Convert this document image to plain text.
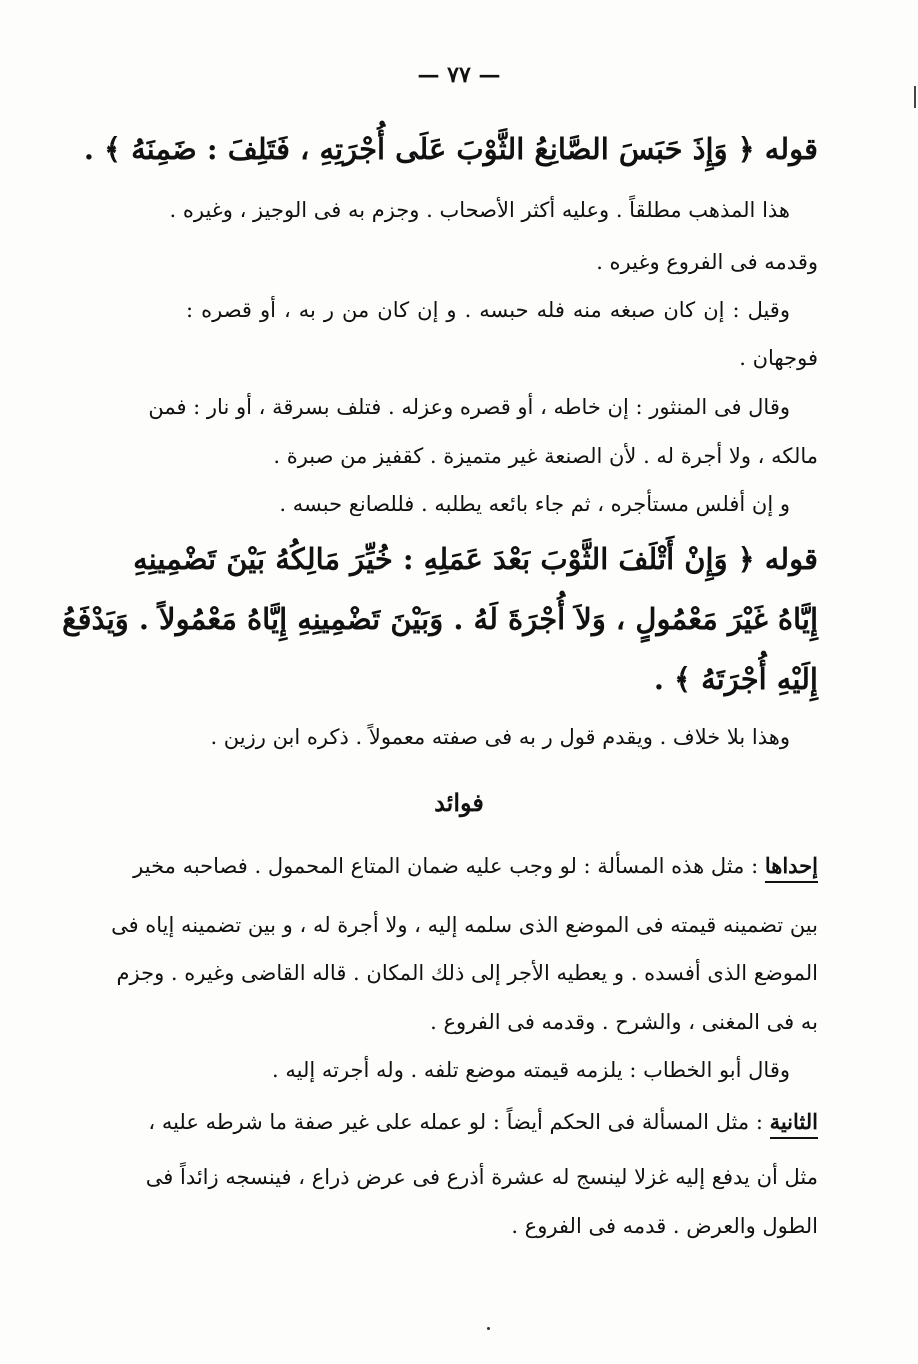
— ٧٧ —
قوله ﴿ وَإِذَ حَبَسَ الصَّانِعُ الثَّوْبَ عَلَى أُجْرَتِهِ ، فَتَلِفَ : ضَمِنَهُ ﴾ .
هذا المذهب مطلقاً . وعليه أكثر الأصحاب . وجزم به فى الوجيز ، وغيره .
وقدمه فى الفروع وغيره .
وقيل : إن كان صبغه منه فله حبسه . و إن كان من ر به ، أو قصره :
فوجهان .
وقال فى المنثور : إن خاطه ، أو قصره وعزله . فتلف بسرقة ، أو نار : فمن
مالكه ، ولا أجرة له . لأن الصنعة غير متميزة . كقفيز من صبرة .
و إن أفلس مستأجره ، ثم جاء بائعه يطلبه . فللصانع حبسه .
قوله ﴿ وَإِنْ أَتْلَفَ الثَّوْبَ بَعْدَ عَمَلِهِ : خُيِّرَ مَالِكُهُ بَيْنَ تَضْمِينِهِ
إِيَّاهُ غَيْرَ مَعْمُولٍ ، وَلاَ أُجْرَةَ لَهُ . وَبَيْنَ تَضْمِينِهِ إِيَّاهُ مَعْمُولاً . وَيَدْفَعُ
إِلَيْهِ أُجْرَتَهُ ﴾ .
وهذا بلا خلاف . ويقدم قول ر به فى صفته معمولاً . ذكره ابن رزين .
فوائد
إحداها : مثل هذه المسألة : لو وجب عليه ضمان المتاع المحمول . فصاحبه مخير
بين تضمينه قيمته فى الموضع الذى سلمه إليه ، ولا أجرة له ، و بين تضمينه إياه فى
الموضع الذى أفسده . و يعطيه الأجر إلى ذلك المكان . قاله القاضى وغيره . وجزم
به فى المغنى ، والشرح . وقدمه فى الفروع .
وقال أبو الخطاب : يلزمه قيمته موضع تلفه . وله أجرته إليه .
الثانية : مثل المسألة فى الحكم أيضاً : لو عمله على غير صفة ما شرطه عليه ،
مثل أن يدفع إليه غزلا لينسج له عشرة أذرع فى عرض ذراع ، فينسجه زائداً فى
الطول والعرض . قدمه فى الفروع .
